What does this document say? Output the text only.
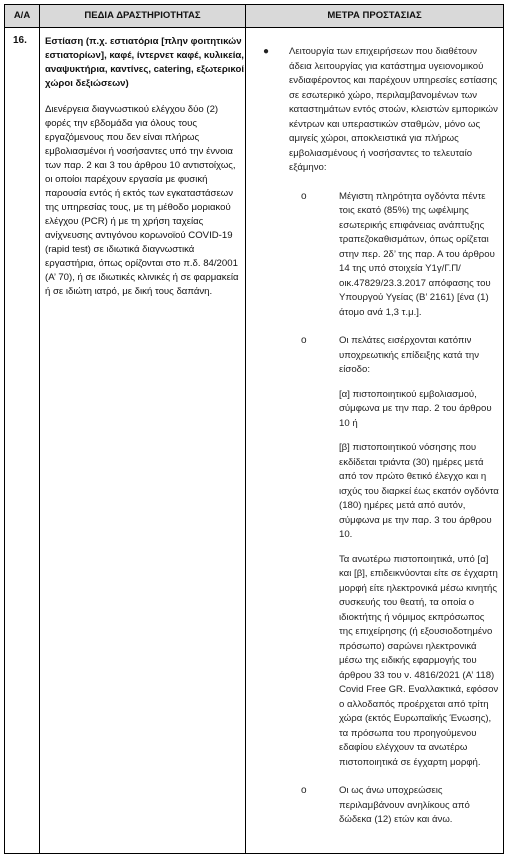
Α/Α	ΠΕΔΙΑ ΔΡΑΣΤΗΡΙΟΤΗΤΑΣ	ΜΕΤΡΑ ΠΡΟΣΤΑΣΙΑΣ
16. Εστίαση (π.χ. εστιατόρια [πλην φοιτητικών εστιατορίων], καφέ, ίντερνετ καφέ, κυλικεία, αναψυκτήρια, καντίνες, catering, εξωτερικοί χώροι δεξιώσεων)

Διενέργεια διαγνωστικού ελέγχου δύο (2) φορές την εβδομάδα για όλους τους εργαζόμενους που δεν είναι πλήρως εμβολιασμένοι ή νοσήσαντες υπό την έννοια των παρ. 2 και 3 του άρθρου 10 αντιστοίχως, οι οποίοι παρέχουν εργασία με φυσική παρουσία εντός ή εκτός των εγκαταστάσεων της υπηρεσίας τους, με τη μέθοδο μοριακού ελέγχου (PCR) ή με τη χρήση ταχείας ανίχνευσης αντιγόνου κορωνοϊού COVID-19 (rapid test) σε ιδιωτικά διαγνωστικά εργαστήρια, όπως ορίζονται στο π.δ. 84/2001 (Α’ 70), ή σε ιδιωτικές κλινικές ή σε φαρμακεία ή σε ιδιώτη ιατρό, με δική τους δαπάνη.

● Λειτουργία των επιχειρήσεων που διαθέτουν άδεια λειτουργίας για κατάστημα υγειονομικού ενδιαφέροντος και παρέχουν υπηρεσίες εστίασης σε εσωτερικό χώρο, περιλαμβανομένων των καταστημάτων εντός στοών, κλειστών εμπορικών κέντρων και υπεραστικών σταθμών, μόνο ως αμιγείς χώροι, αποκλειστικά για πλήρως εμβολιασμένους ή νοσήσαντες το τελευταίο εξάμηνο:
o	Μέγιστη πληρότητα ογδόντα πέντε τοις εκατό (85%) της ωφέλιμης εσωτερικής επιφάνειας ανάπτυξης τραπεζοκαθισμάτων, όπως ορίζεται στην περ. 2δ’ της παρ. Α του άρθρου 14 της υπό στοιχεία Υ1γ/Γ.Π/οικ.47829/23.3.2017 απόφασης του Υπουργού Υγείας (Β’ 2161) [ένα (1) άτομο ανά 1,3 τ.μ.].
o	Οι πελάτες εισέρχονται κατόπιν υποχρεωτικής επίδειξης κατά την είσοδο:

[α] πιστοποιητικού εμβολιασμού, σύμφωνα με την παρ. 2 του άρθρου 10 ή

[β] πιστοποιητικού νόσησης που εκδίδεται τριάντα (30) ημέρες μετά από τον πρώτο θετικό έλεγχο και η ισχύς του διαρκεί έως εκατόν ογδόντα (180) ημέρες μετά από αυτόν, σύμφωνα με την παρ. 3 του άρθρου 10.

Τα ανωτέρω πιστοποιητικά, υπό [α] και [β], επιδεικνύονται είτε σε έγχαρτη μορφή είτε ηλεκτρονικά μέσω κινητής συσκευής του θεατή, τα οποία ο ιδιοκτήτης ή νόμιμος εκπρόσωπος της επιχείρησης (ή εξουσιοδοτημένο πρόσωπο) σαρώνει ηλεκτρονικά μέσω της ειδικής εφαρμογής του άρθρου 33 του ν. 4816/2021 (Α’ 118) Covid Free GR. Εναλλακτικά, εφόσον ο αλλοδαπός προέρχεται από τρίτη χώρα (εκτός Ευρωπαϊκής Ένωσης), τα πρόσωπα του προηγούμενου εδαφίου ελέγχουν τα ανωτέρω πιστοποιητικά σε έγχαρτη μορφή.

o	Οι ως άνω υποχρεώσεις περιλαμβάνουν ανηλίκους από δώδεκα (12) ετών και άνω.
